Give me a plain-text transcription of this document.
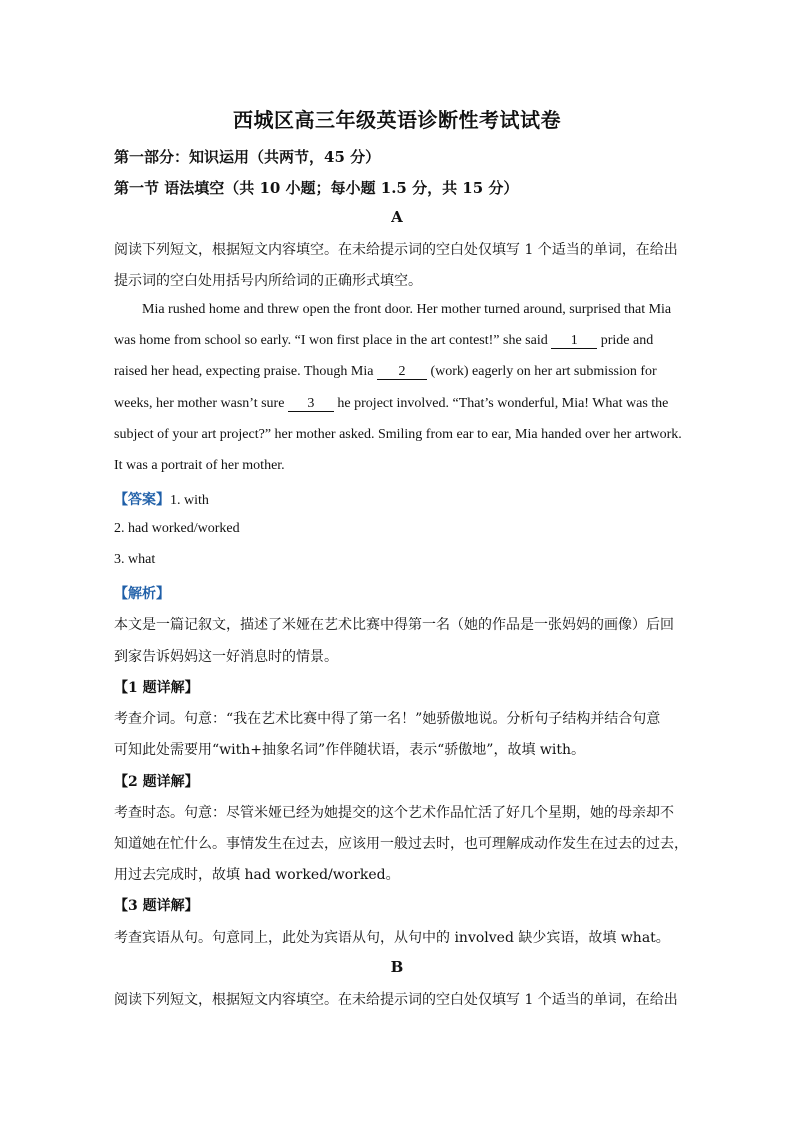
西城区高三年级英语诊断性考试试卷
第一部分：知识运用（共两节，45 分）
第一节 语法填空（共 10 小题；每小题 1.5 分，共 15 分）
A
阅读下列短文，根据短文内容填空。在未给提示词的空白处仅填写 1 个适当的单词，在给出
提示词的空白处用括号内所给词的正确形式填空。
Mia rushed home and threw open the front door. Her mother turned around, surprised that Mia
was home from school so early. “I won first place in the art contest!” she said 1 pride and
raised her head, expecting praise. Though Mia 2 (work) eagerly on her art submission for
weeks, her mother wasn’t sure 3 he project involved. “That’s wonderful, Mia! What was the
subject of your art project?” her mother asked. Smiling from ear to ear, Mia handed over her artwork.
It was a portrait of her mother.
【答案】1. with
2. had worked/worked
3. what
【解析】
本文是一篇记叙文，描述了米娅在艺术比赛中得第一名（她的作品是一张妈妈的画像）后回
到家告诉妈妈这一好消息时的情景。
【1 题详解】
考查介词。句意：“我在艺术比赛中得了第一名！”她骄傲地说。分析句子结构并结合句意
可知此处需要用“with+抽象名词”作伴随状语，表示“骄傲地”，故填 with。
【2 题详解】
考查时态。句意：尽管米娅已经为她提交的这个艺术作品忙活了好几个星期，她的母亲却不
知道她在忙什么。事情发生在过去，应该用一般过去时，也可理解成动作发生在过去的过去，
用过去完成时，故填 had worked/worked。
【3 题详解】
考查宾语从句。句意同上，此处为宾语从句，从句中的 involved 缺少宾语，故填 what。
B
阅读下列短文，根据短文内容填空。在未给提示词的空白处仅填写 1 个适当的单词，在给出
